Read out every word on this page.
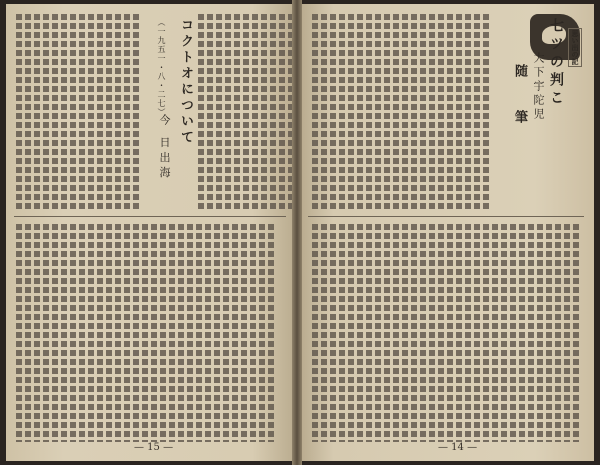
コクトオについて
今 日出海
（一九五一・八・二七）
— 15 —
随　筆
思い出の記
七ツの判こ
大下宇陀児
— 14 —
